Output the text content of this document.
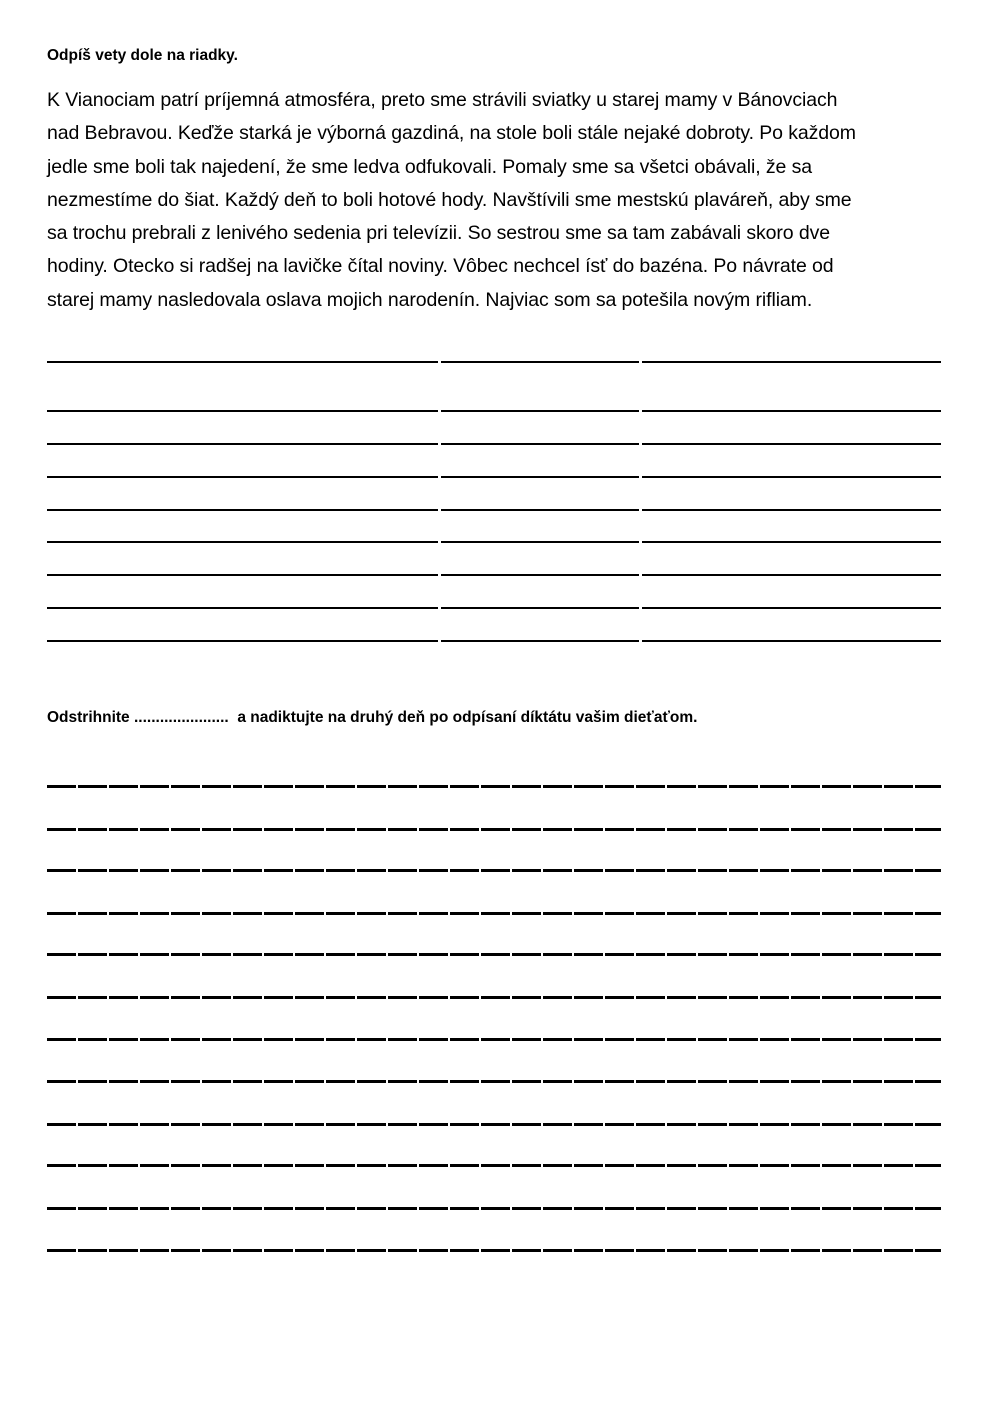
Odpíš vety dole na riadky.
K Vianociam patrí príjemná atmosféra, preto sme strávili sviatky u starej mamy v Bánovciach
nad Bebravou. Keďže starká je výborná gazdiná, na stole boli stále nejaké dobroty. Po každom
jedle sme boli tak najedení, že sme ledva odfukovali. Pomaly sme sa všetci obávali, že sa
nezmestíme do šiat. Každý deň to boli hotové hody. Navštívili sme mestskú plaváreň, aby sme
sa trochu prebrali z lenivého sedenia pri televízii. So sestrou sme sa tam zabávali skoro dve
hodiny. Otecko si radšej na lavičke čítal noviny. Vôbec nechcel ísť do bazéna. Po návrate od
starej mamy nasledovala oslava mojich narodenín. Najviac som sa potešila novým rifliam.
Odstrihnite ......................  a nadiktujte na druhý deň po odpísaní díktátu vašim dieťaťom.
